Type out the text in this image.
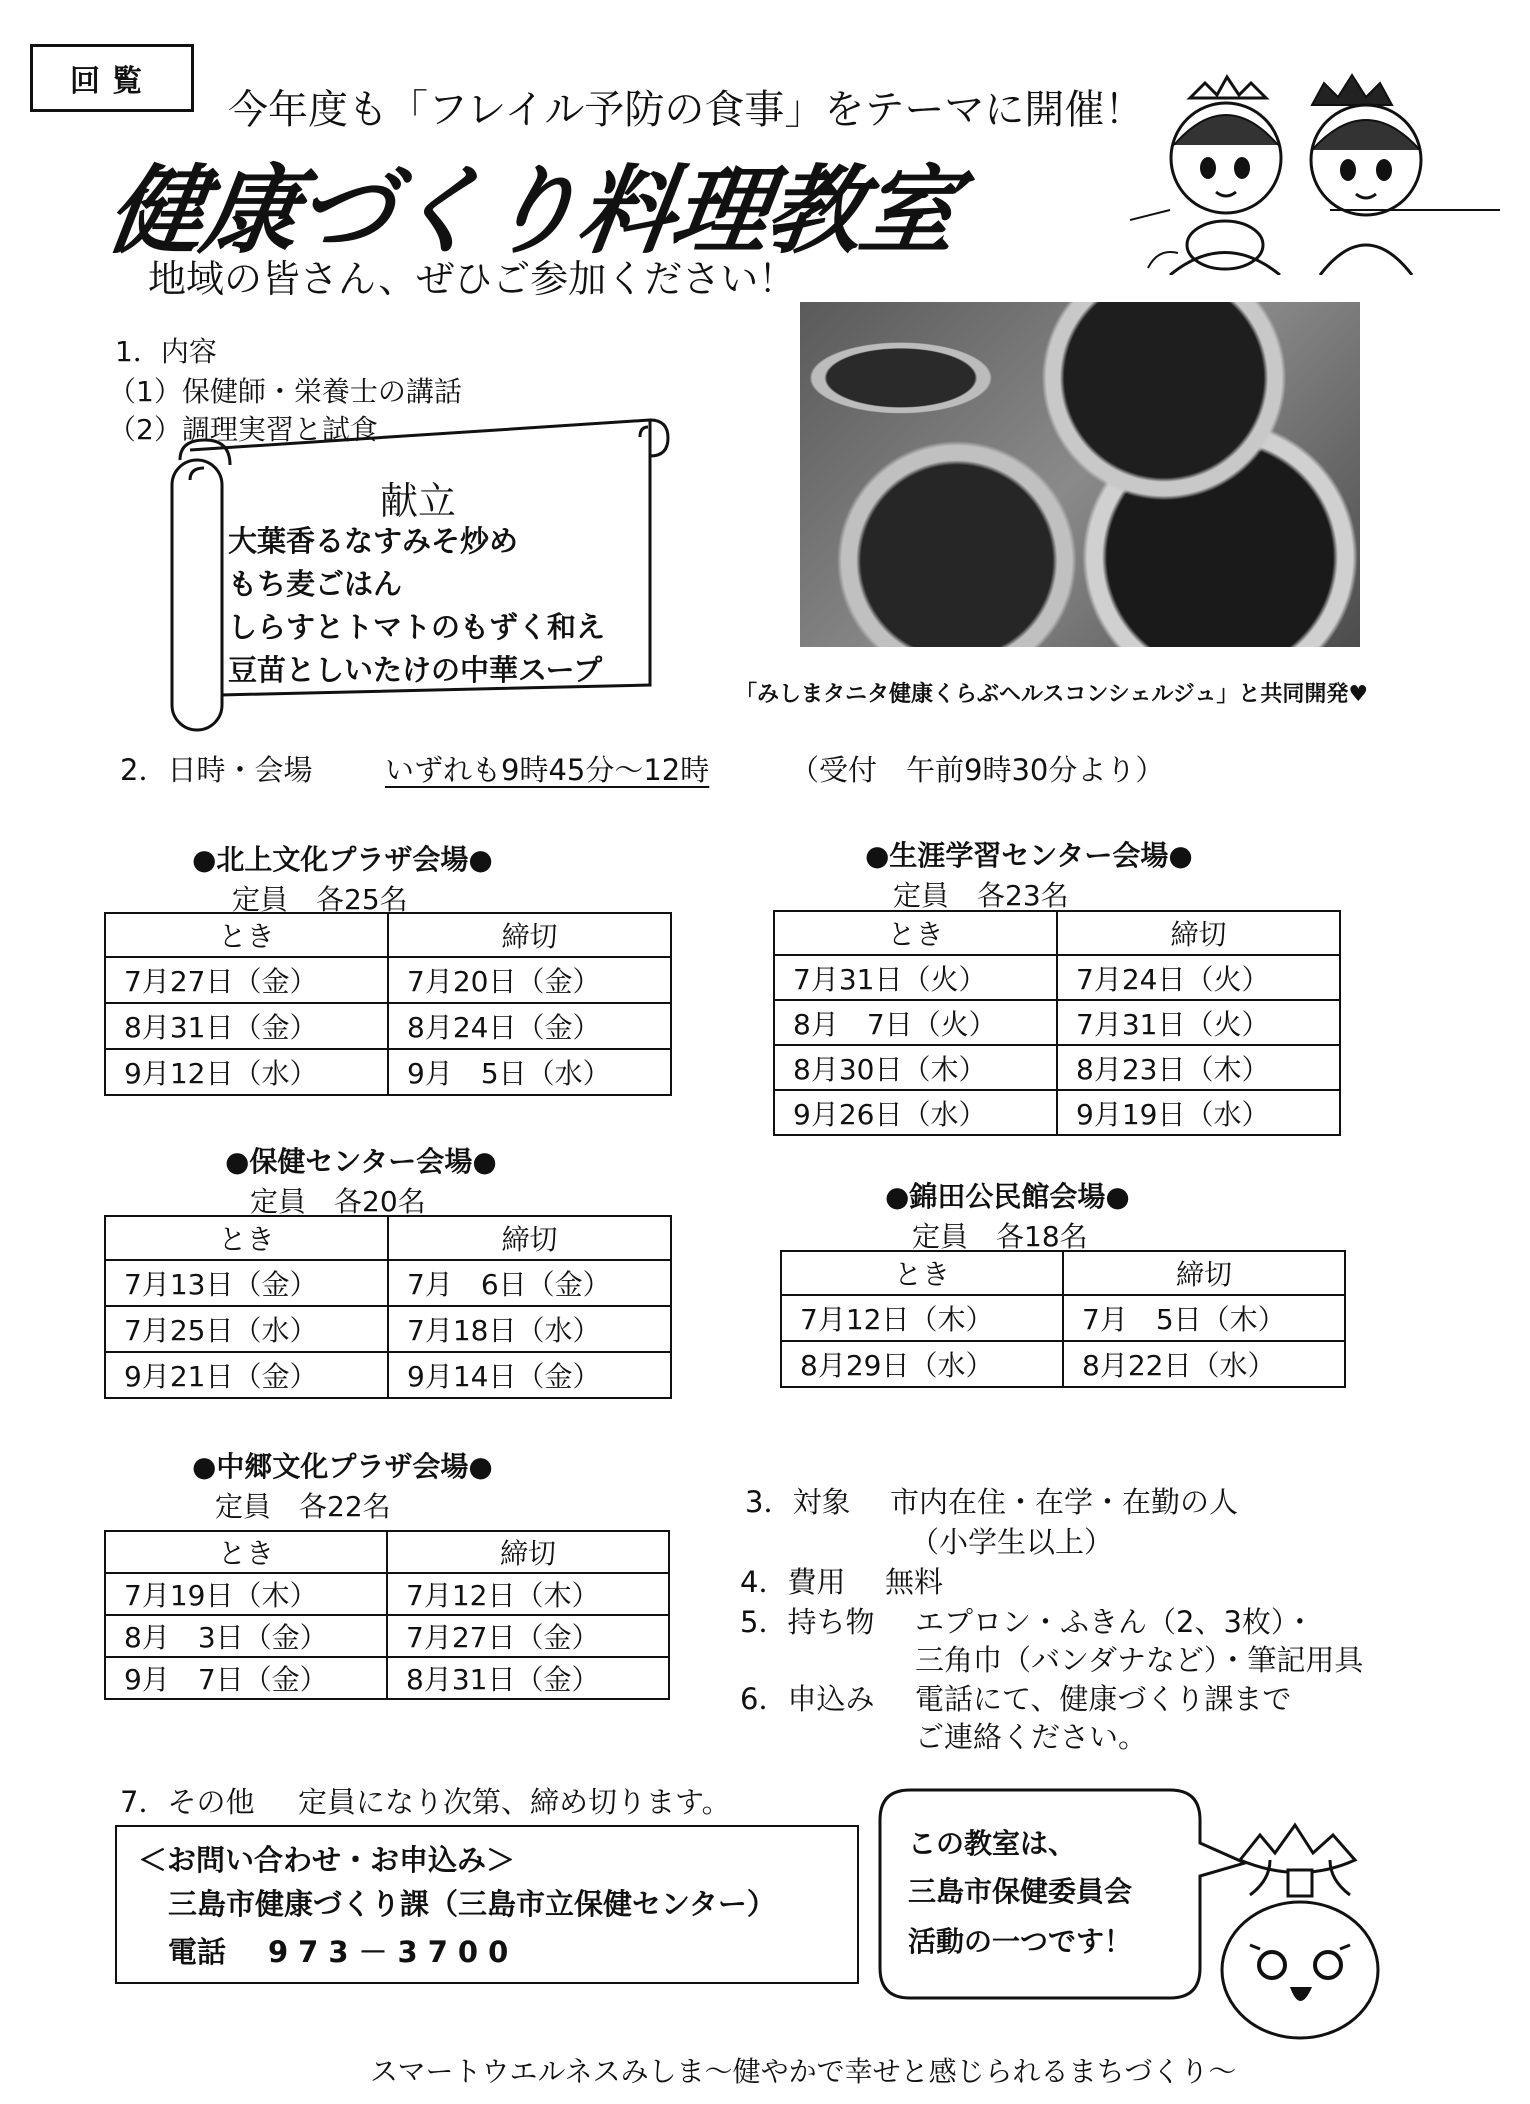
回覧
今年度も「フレイル予防の食事」をテーマに開催！
健康づくり料理教室
地域の皆さん、ぜひご参加ください！
1．内容
（1）保健師・栄養士の講話
（2）調理実習と試食
献立
大葉香るなすみそ炒め
もち麦ごはん
しらすとトマトのもずく和え
豆苗としいたけの中華スープ
「みしまタニタ健康くらぶヘルスコンシェルジュ」と共同開発♥
2．日時・会場	いずれも9時45分～12時	（受付　午前9時30分より）
●北上文化プラザ会場●
定員　各25名
とき	締切
7月27日（金）	7月20日（金）
8月31日（金）	8月24日（金）
9月12日（水）	9月　5日（水）
●生涯学習センター会場●
定員　各23名
とき	締切
7月31日（火）	7月24日（火）
8月　7日（火）	7月31日（火）
8月30日（木）	8月23日（木）
9月26日（水）	9月19日（水）
●保健センター会場●
定員　各20名
とき	締切
7月13日（金）	7月　6日（金）
7月25日（水）	7月18日（水）
9月21日（金）	9月14日（金）
●錦田公民館会場●
定員　各18名
とき	締切
7月12日（木）	7月　5日（木）
8月29日（水）	8月22日（水）
●中郷文化プラザ会場●
定員　各22名
とき	締切
7月19日（木）	7月12日（木）
8月　3日（金）	7月27日（金）
9月　7日（金）	8月31日（金）
3．対象 市内在住・在学・在勤の人
（小学生以上）
4．費用 無料
5．持ち物 エプロン・ふきん（2、3枚）・
三角巾（バンダナなど）・筆記用具
6．申込み 電話にて、健康づくり課まで
ご連絡ください。
7．その他 定員になり次第、締め切ります。
＜お問い合わせ・お申込み＞
三島市健康づくり課（三島市立保健センター）
電話 973－3700
この教室は、
三島市保健委員会
活動の一つです！
スマートウエルネスみしま～健やかで幸せと感じられるまちづくり～
